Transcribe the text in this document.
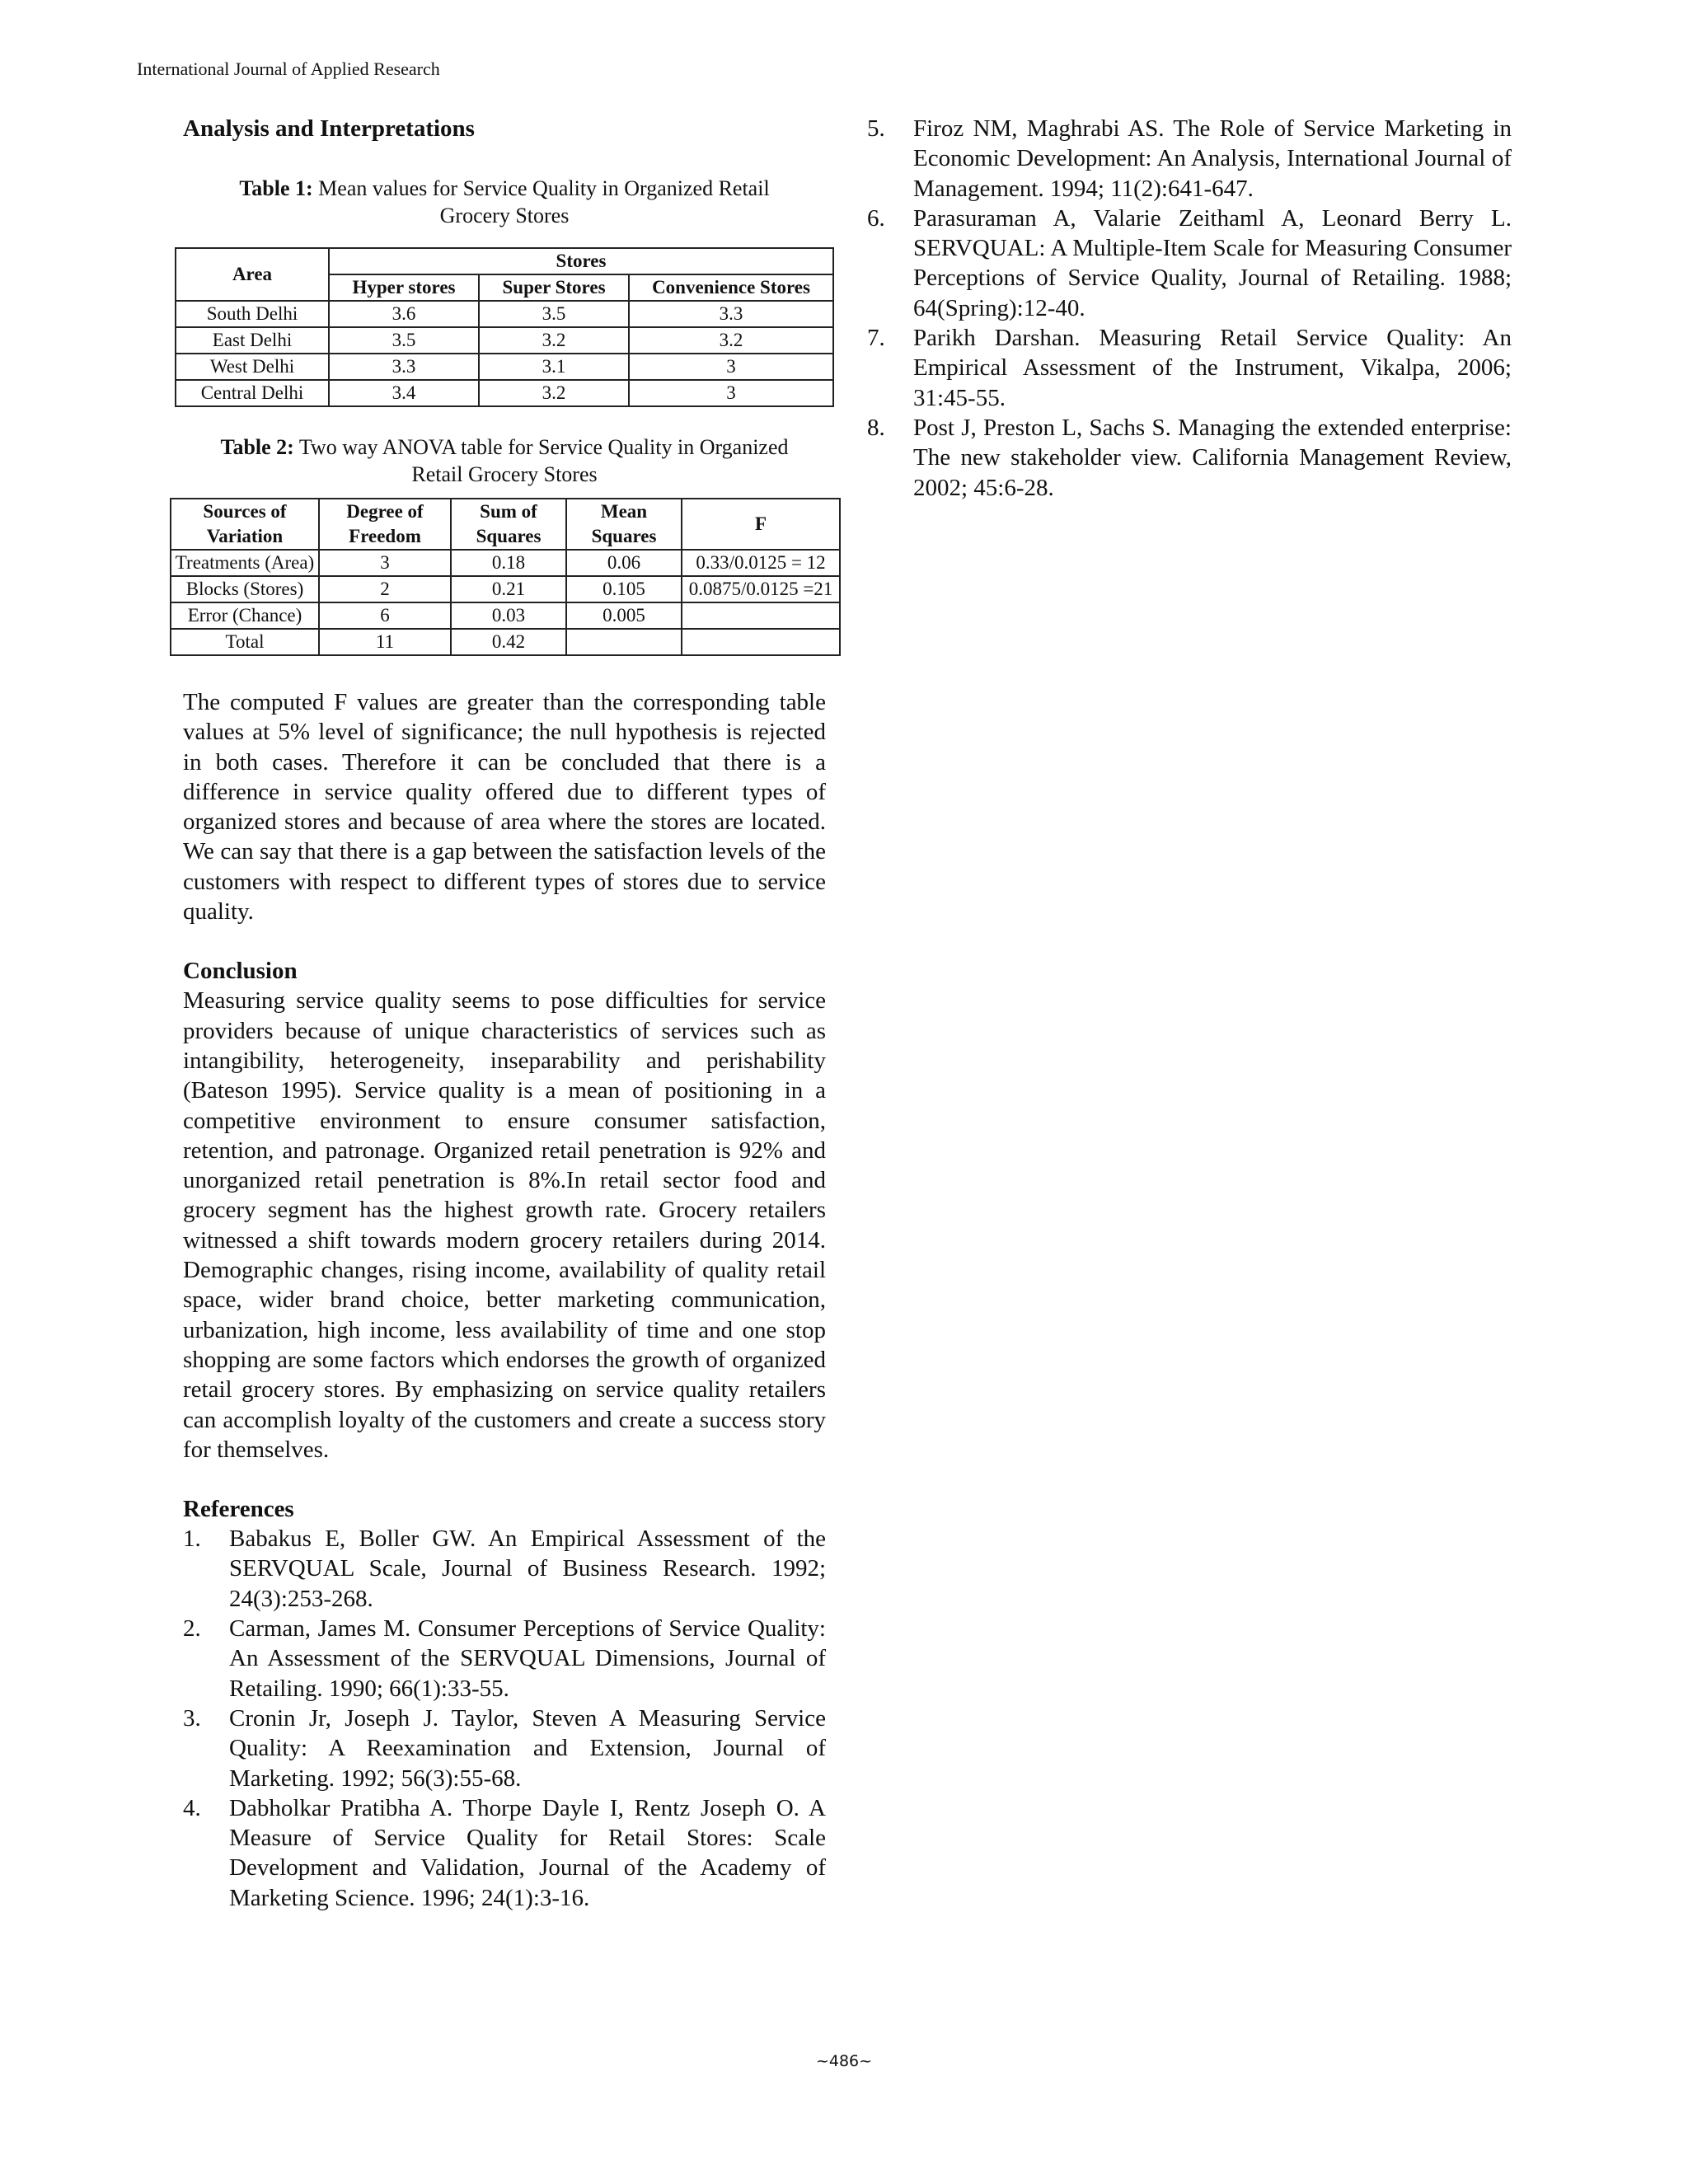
International Journal of Applied Research
Analysis and Interpretations

Table 1: Mean values for Service Quality in Organized Retail Grocery Stores

Area	Stores		
	Hyper stores	Super Stores	Convenience Stores
South Delhi	3.6	3.5	3.3
East Delhi	3.5	3.2	3.2
West Delhi	3.3	3.1	3
Central Delhi	3.4	3.2	3

Table 2: Two way ANOVA table for Service Quality in Organized Retail Grocery Stores

Sources of Variation	Degree of Freedom	Sum of Squares	Mean Squares	F
Treatments (Area)	3	0.18	0.06	0.33/0.0125 = 12
Blocks (Stores)	2	0.21	0.105	0.0875/0.0125 =21
Error (Chance)	6	0.03	0.005	
Total	11	0.42		

The computed F values are greater than the corresponding table values at 5% level of significance; the null hypothesis is rejected in both cases. Therefore it can be concluded that there is a difference in service quality offered due to different types of organized stores and because of area where the stores are located. We can say that there is a gap between the satisfaction levels of the customers with respect to different types of stores due to service quality.

Conclusion

Measuring service quality seems to pose difficulties for service providers because of unique characteristics of services such as intangibility, heterogeneity, inseparability and perishability (Bateson 1995). Service quality is a mean of positioning in a competitive environment to ensure consumer satisfaction, retention, and patronage. Organized retail penetration is 92% and unorganized retail penetration is 8%.In retail sector food and grocery segment has the highest growth rate. Grocery retailers witnessed a shift towards modern grocery retailers during 2014. Demographic changes, rising income, availability of quality retail space, wider brand choice, better marketing communication, urbanization, high income, less availability of time and one stop shopping are some factors which endorses the growth of organized retail grocery stores. By emphasizing on service quality retailers can accomplish loyalty of the customers and create a success story for themselves.

References
1.	Babakus E, Boller GW. An Empirical Assessment of the SERVQUAL Scale, Journal of Business Research. 1992; 24(3):253-268.
2.	Carman, James M. Consumer Perceptions of Service Quality: An Assessment of the SERVQUAL Dimensions, Journal of Retailing. 1990; 66(1):33-55.
3.	Cronin Jr, Joseph J. Taylor, Steven A Measuring Service Quality: A Reexamination and Extension, Journal of Marketing. 1992; 56(3):55-68.
4.	Dabholkar Pratibha A. Thorpe Dayle I, Rentz Joseph O. A Measure of Service Quality for Retail Stores: Scale Development and Validation, Journal of the Academy of Marketing Science. 1996; 24(1):3-16.
5.	Firoz NM, Maghrabi AS. The Role of Service Marketing in Economic Development: An Analysis, International Journal of Management. 1994; 11(2):641-647.
6.	Parasuraman A, Valarie Zeithaml A, Leonard Berry L. SERVQUAL: A Multiple-Item Scale for Measuring Consumer Perceptions of Service Quality, Journal of Retailing. 1988; 64(Spring):12-40.
7.	Parikh Darshan. Measuring Retail Service Quality: An Empirical Assessment of the Instrument, Vikalpa, 2006; 31:45-55.
8.	Post J, Preston L, Sachs S. Managing the extended enterprise: The new stakeholder view. California Management Review, 2002; 45:6-28.
~486~
